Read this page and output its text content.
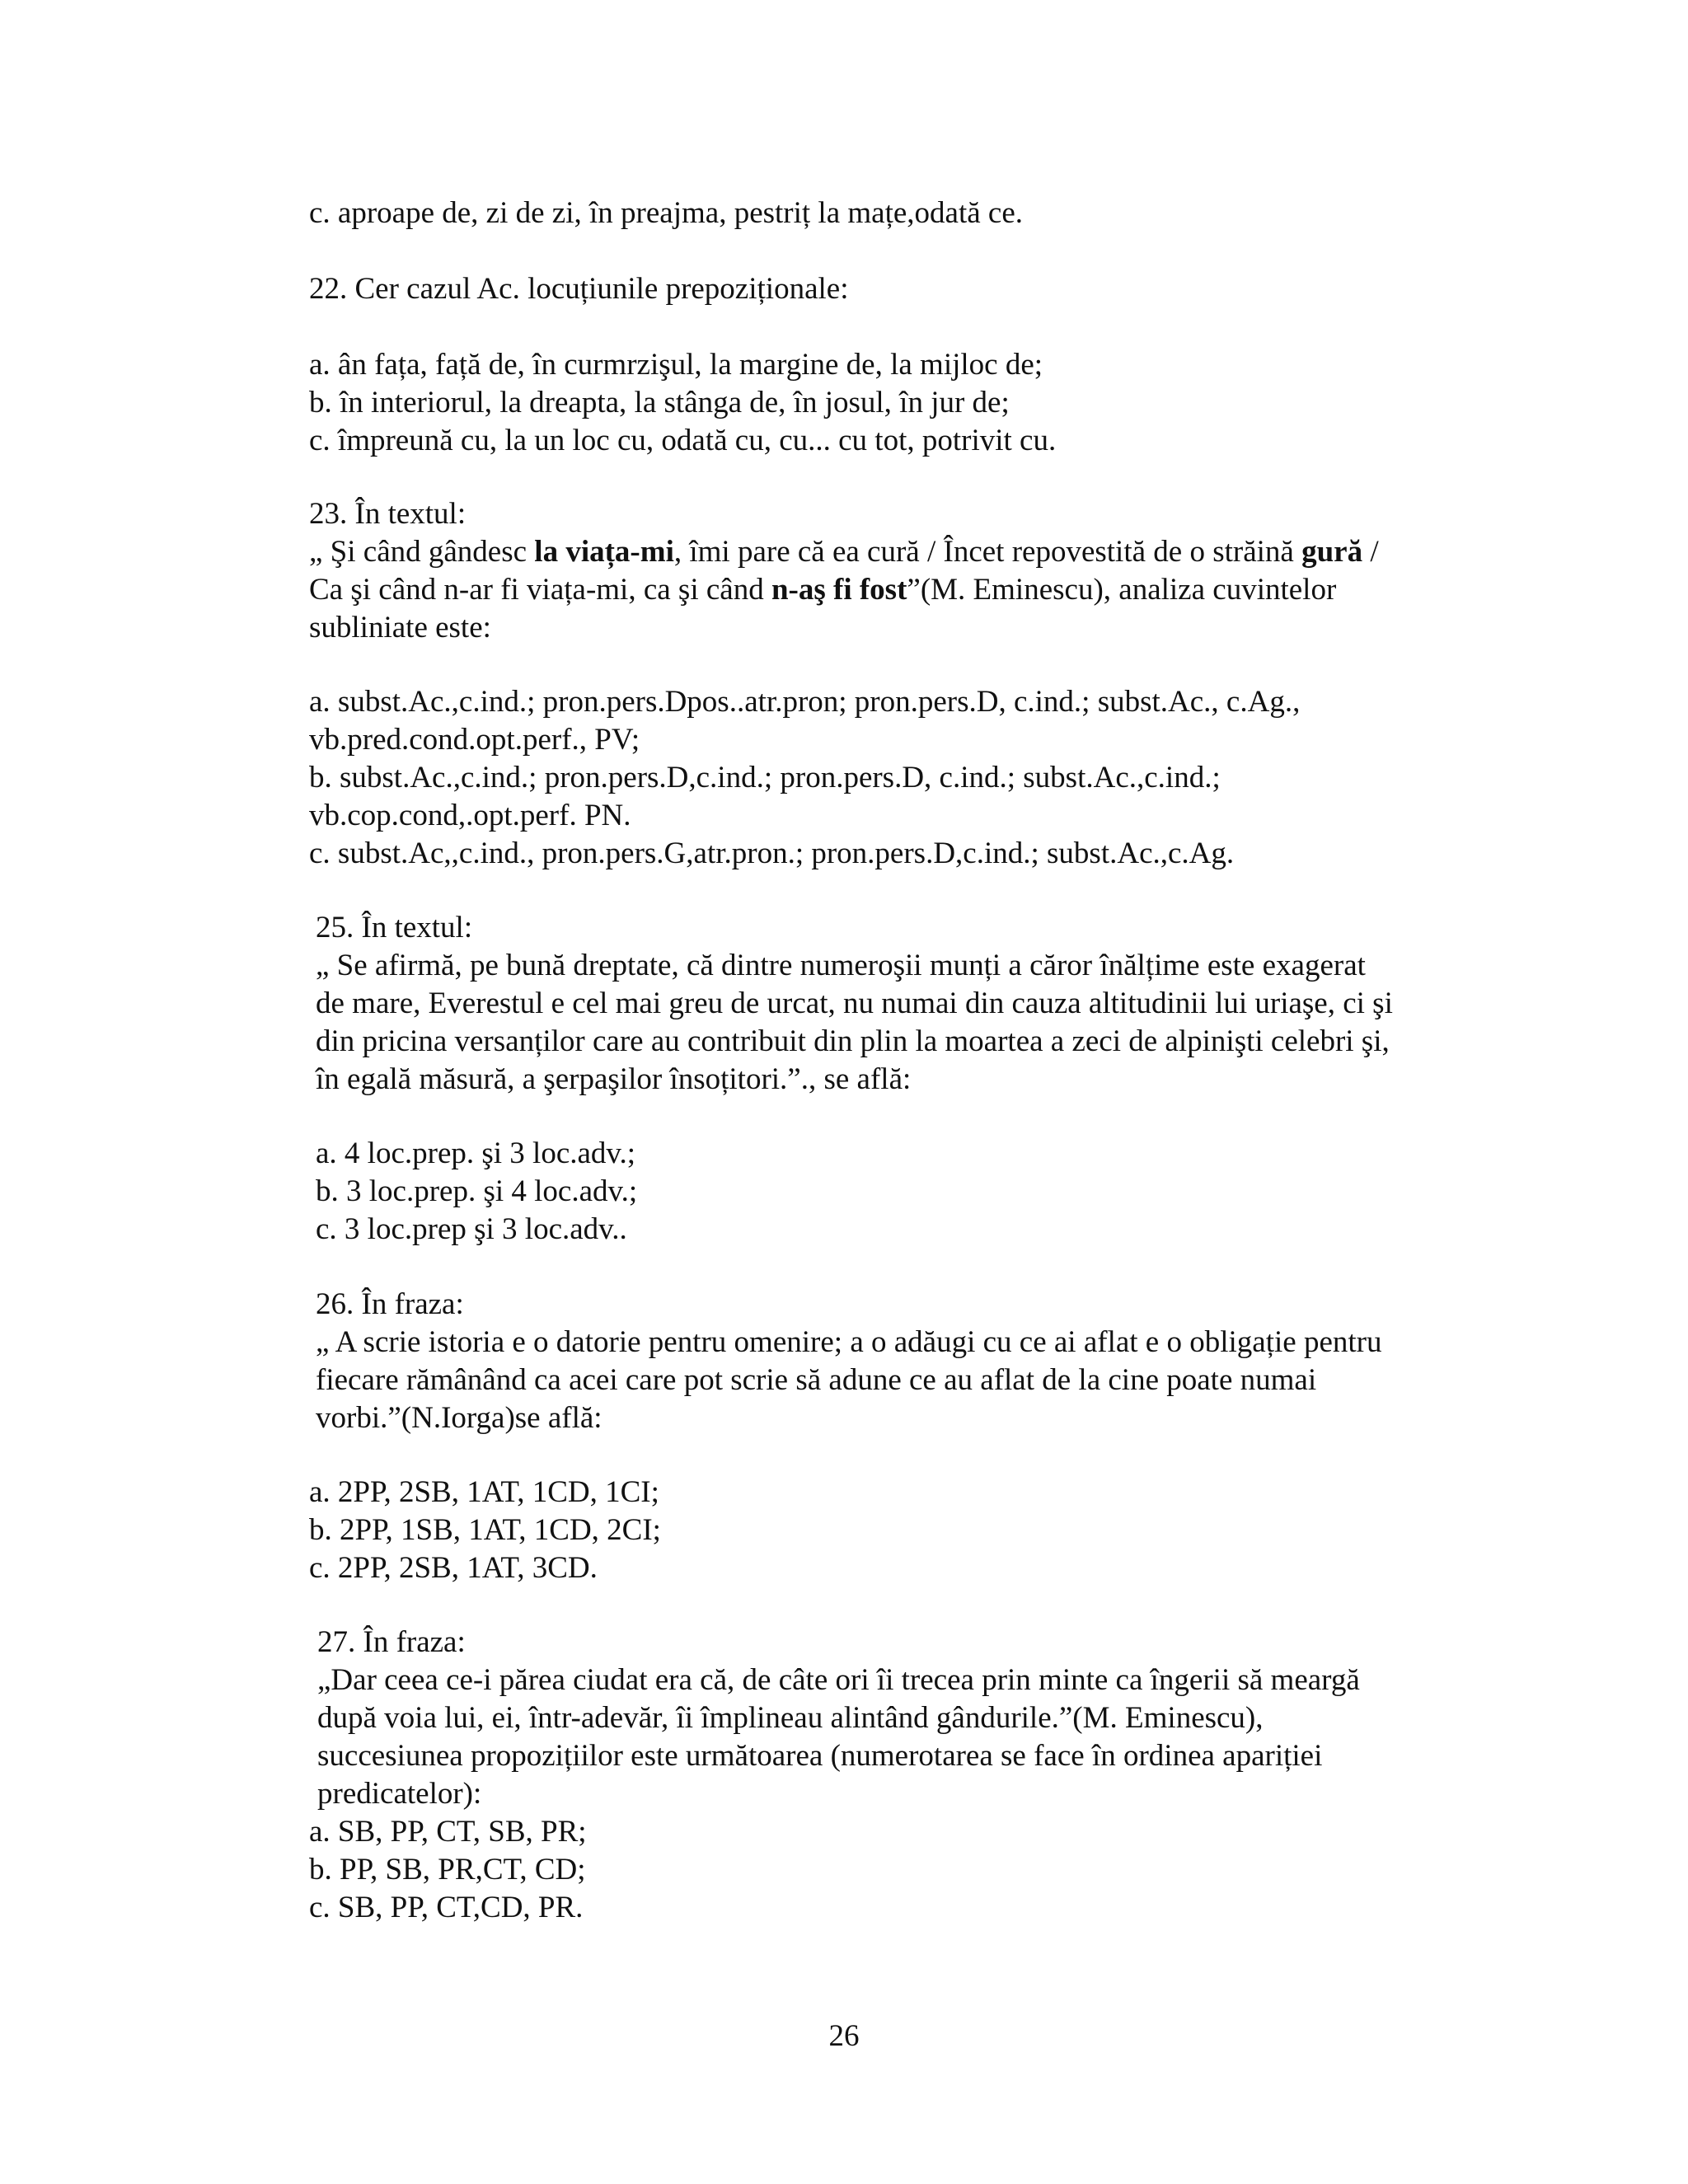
c. aproape de, zi de zi, în preajma, pestriț la mațe,odată ce.
22. Cer cazul Ac. locuțiunile prepoziționale:
a. ân fața, față de, în curmrzişul, la margine de, la mijloc de;
b. în interiorul, la dreapta, la stânga de, în josul, în jur de;
c. împreună cu, la un loc cu, odată cu, cu... cu tot, potrivit cu.
23. În textul:
„ Şi când gândesc la viața-mi, îmi pare că ea cură / Încet repovestită de o străină gură /
Ca şi când n-ar fi viața-mi, ca şi când n-aş fi fost”(M. Eminescu), analiza cuvintelor
subliniate este:
a. subst.Ac.,c.ind.; pron.pers.Dpos..atr.pron; pron.pers.D, c.ind.; subst.Ac., c.Ag.,
vb.pred.cond.opt.perf., PV;
b. subst.Ac.,c.ind.; pron.pers.D,c.ind.; pron.pers.D, c.ind.; subst.Ac.,c.ind.;
vb.cop.cond,.opt.perf. PN.
c. subst.Ac,,c.ind., pron.pers.G,atr.pron.; pron.pers.D,c.ind.; subst.Ac.,c.Ag.
25. În textul:
„ Se afirmă, pe bună dreptate, că dintre numeroşii munți a căror înălțime este exagerat
de mare, Everestul e cel mai greu de urcat, nu numai din cauza altitudinii lui uriaşe, ci şi
din pricina versanților care au contribuit din plin la moartea a zeci de alpinişti celebri şi,
în egală măsură, a şerpaşilor însoțitori.”., se află:
a. 4 loc.prep. şi 3 loc.adv.;
b. 3 loc.prep. şi 4 loc.adv.;
c. 3 loc.prep şi 3 loc.adv..
26. În fraza:
„ A scrie istoria e o datorie pentru omenire; a o adăugi cu ce ai aflat e o obligație pentru
fiecare rămânând ca acei care pot scrie să adune ce au aflat de la cine poate numai
vorbi.”(N.Iorga)se află:
a. 2PP, 2SB, 1AT, 1CD, 1CI;
b. 2PP, 1SB, 1AT, 1CD, 2CI;
c. 2PP, 2SB, 1AT, 3CD.
27. În fraza:
„Dar ceea ce-i părea ciudat era că, de câte ori îi trecea prin minte ca îngerii să meargă
după voia lui, ei, într-adevăr, îi împlineau alintând gândurile.”(M. Eminescu),
succesiunea propozițiilor este următoarea (numerotarea se face în ordinea apariției
predicatelor):
a. SB, PP, CT, SB, PR;
b. PP, SB, PR,CT, CD;
c. SB, PP, CT,CD, PR.
26
